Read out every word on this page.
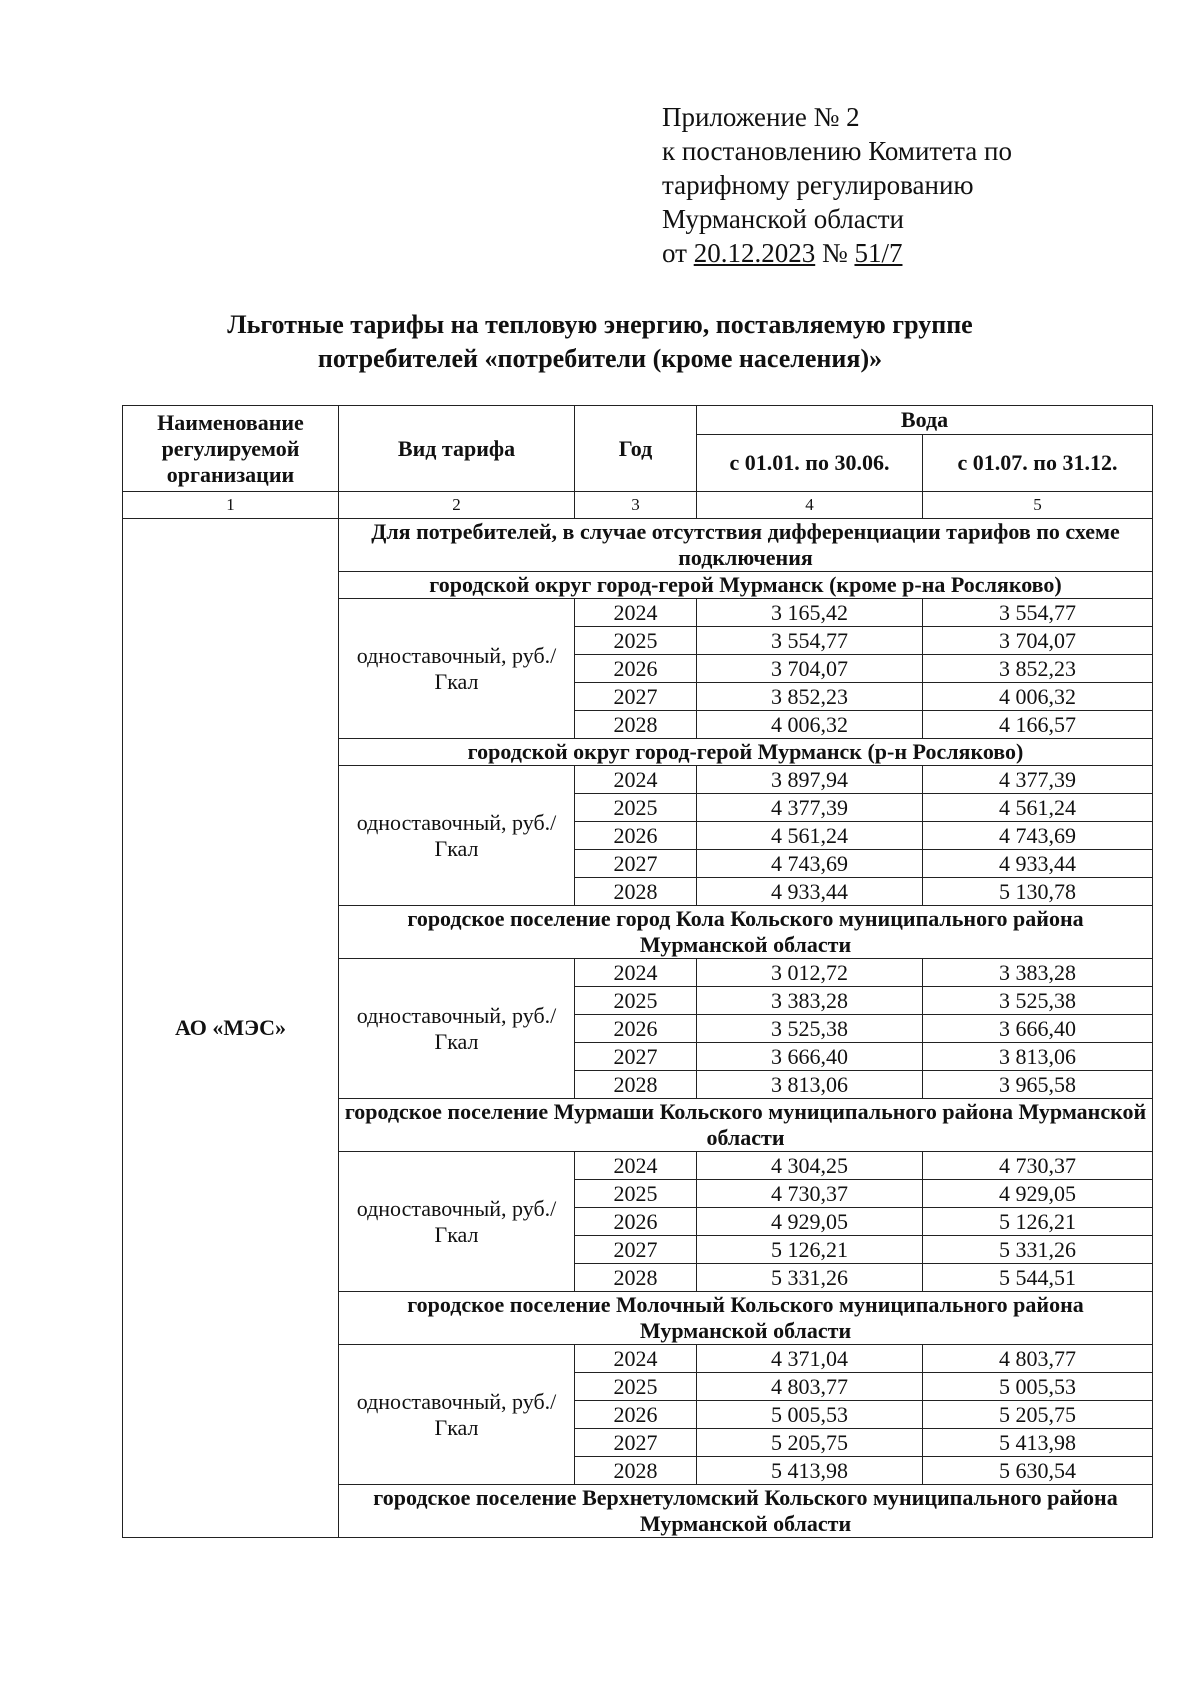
Приложение № 2
к постановлению Комитета по
тарифному регулированию
Мурманской области
от 20.12.2023 № 51/7
Льготные тарифы на тепловую энергию, поставляемую группе
потребителей «потребители (кроме населения)»
Наименование регулируемой организации	Вид тарифа	Год	Вода	
			с 01.01. по 30.06.	с 01.07. по 31.12.
1	2	3	4	5
АО «МЭС»	Для потребителей, в случае отсутствия дифференциации тарифов по схеме подключения			
	городской округ город-герой Мурманск (кроме р-на Росляково)			
	одноставочный, руб./Гкал	2024	3 165,42	3 554,77
		2025	3 554,77	3 704,07
		2026	3 704,07	3 852,23
		2027	3 852,23	4 006,32
		2028	4 006,32	4 166,57
	городской округ город-герой Мурманск (р-н Росляково)			
	одноставочный, руб./Гкал	2024	3 897,94	4 377,39
		2025	4 377,39	4 561,24
		2026	4 561,24	4 743,69
		2027	4 743,69	4 933,44
		2028	4 933,44	5 130,78
	городское поселение город Кола Кольского муниципального района Мурманской области			
	одноставочный, руб./Гкал	2024	3 012,72	3 383,28
		2025	3 383,28	3 525,38
		2026	3 525,38	3 666,40
		2027	3 666,40	3 813,06
		2028	3 813,06	3 965,58
	городское поселение Мурмаши Кольского муниципального района Мурманской области			
	одноставочный, руб./Гкал	2024	4 304,25	4 730,37
		2025	4 730,37	4 929,05
		2026	4 929,05	5 126,21
		2027	5 126,21	5 331,26
		2028	5 331,26	5 544,51
	городское поселение Молочный Кольского муниципального района Мурманской области			
	одноставочный, руб./Гкал	2024	4 371,04	4 803,77
		2025	4 803,77	5 005,53
		2026	5 005,53	5 205,75
		2027	5 205,75	5 413,98
		2028	5 413,98	5 630,54
	городское поселение Верхнетуломский Кольского муниципального района Мурманской области			
